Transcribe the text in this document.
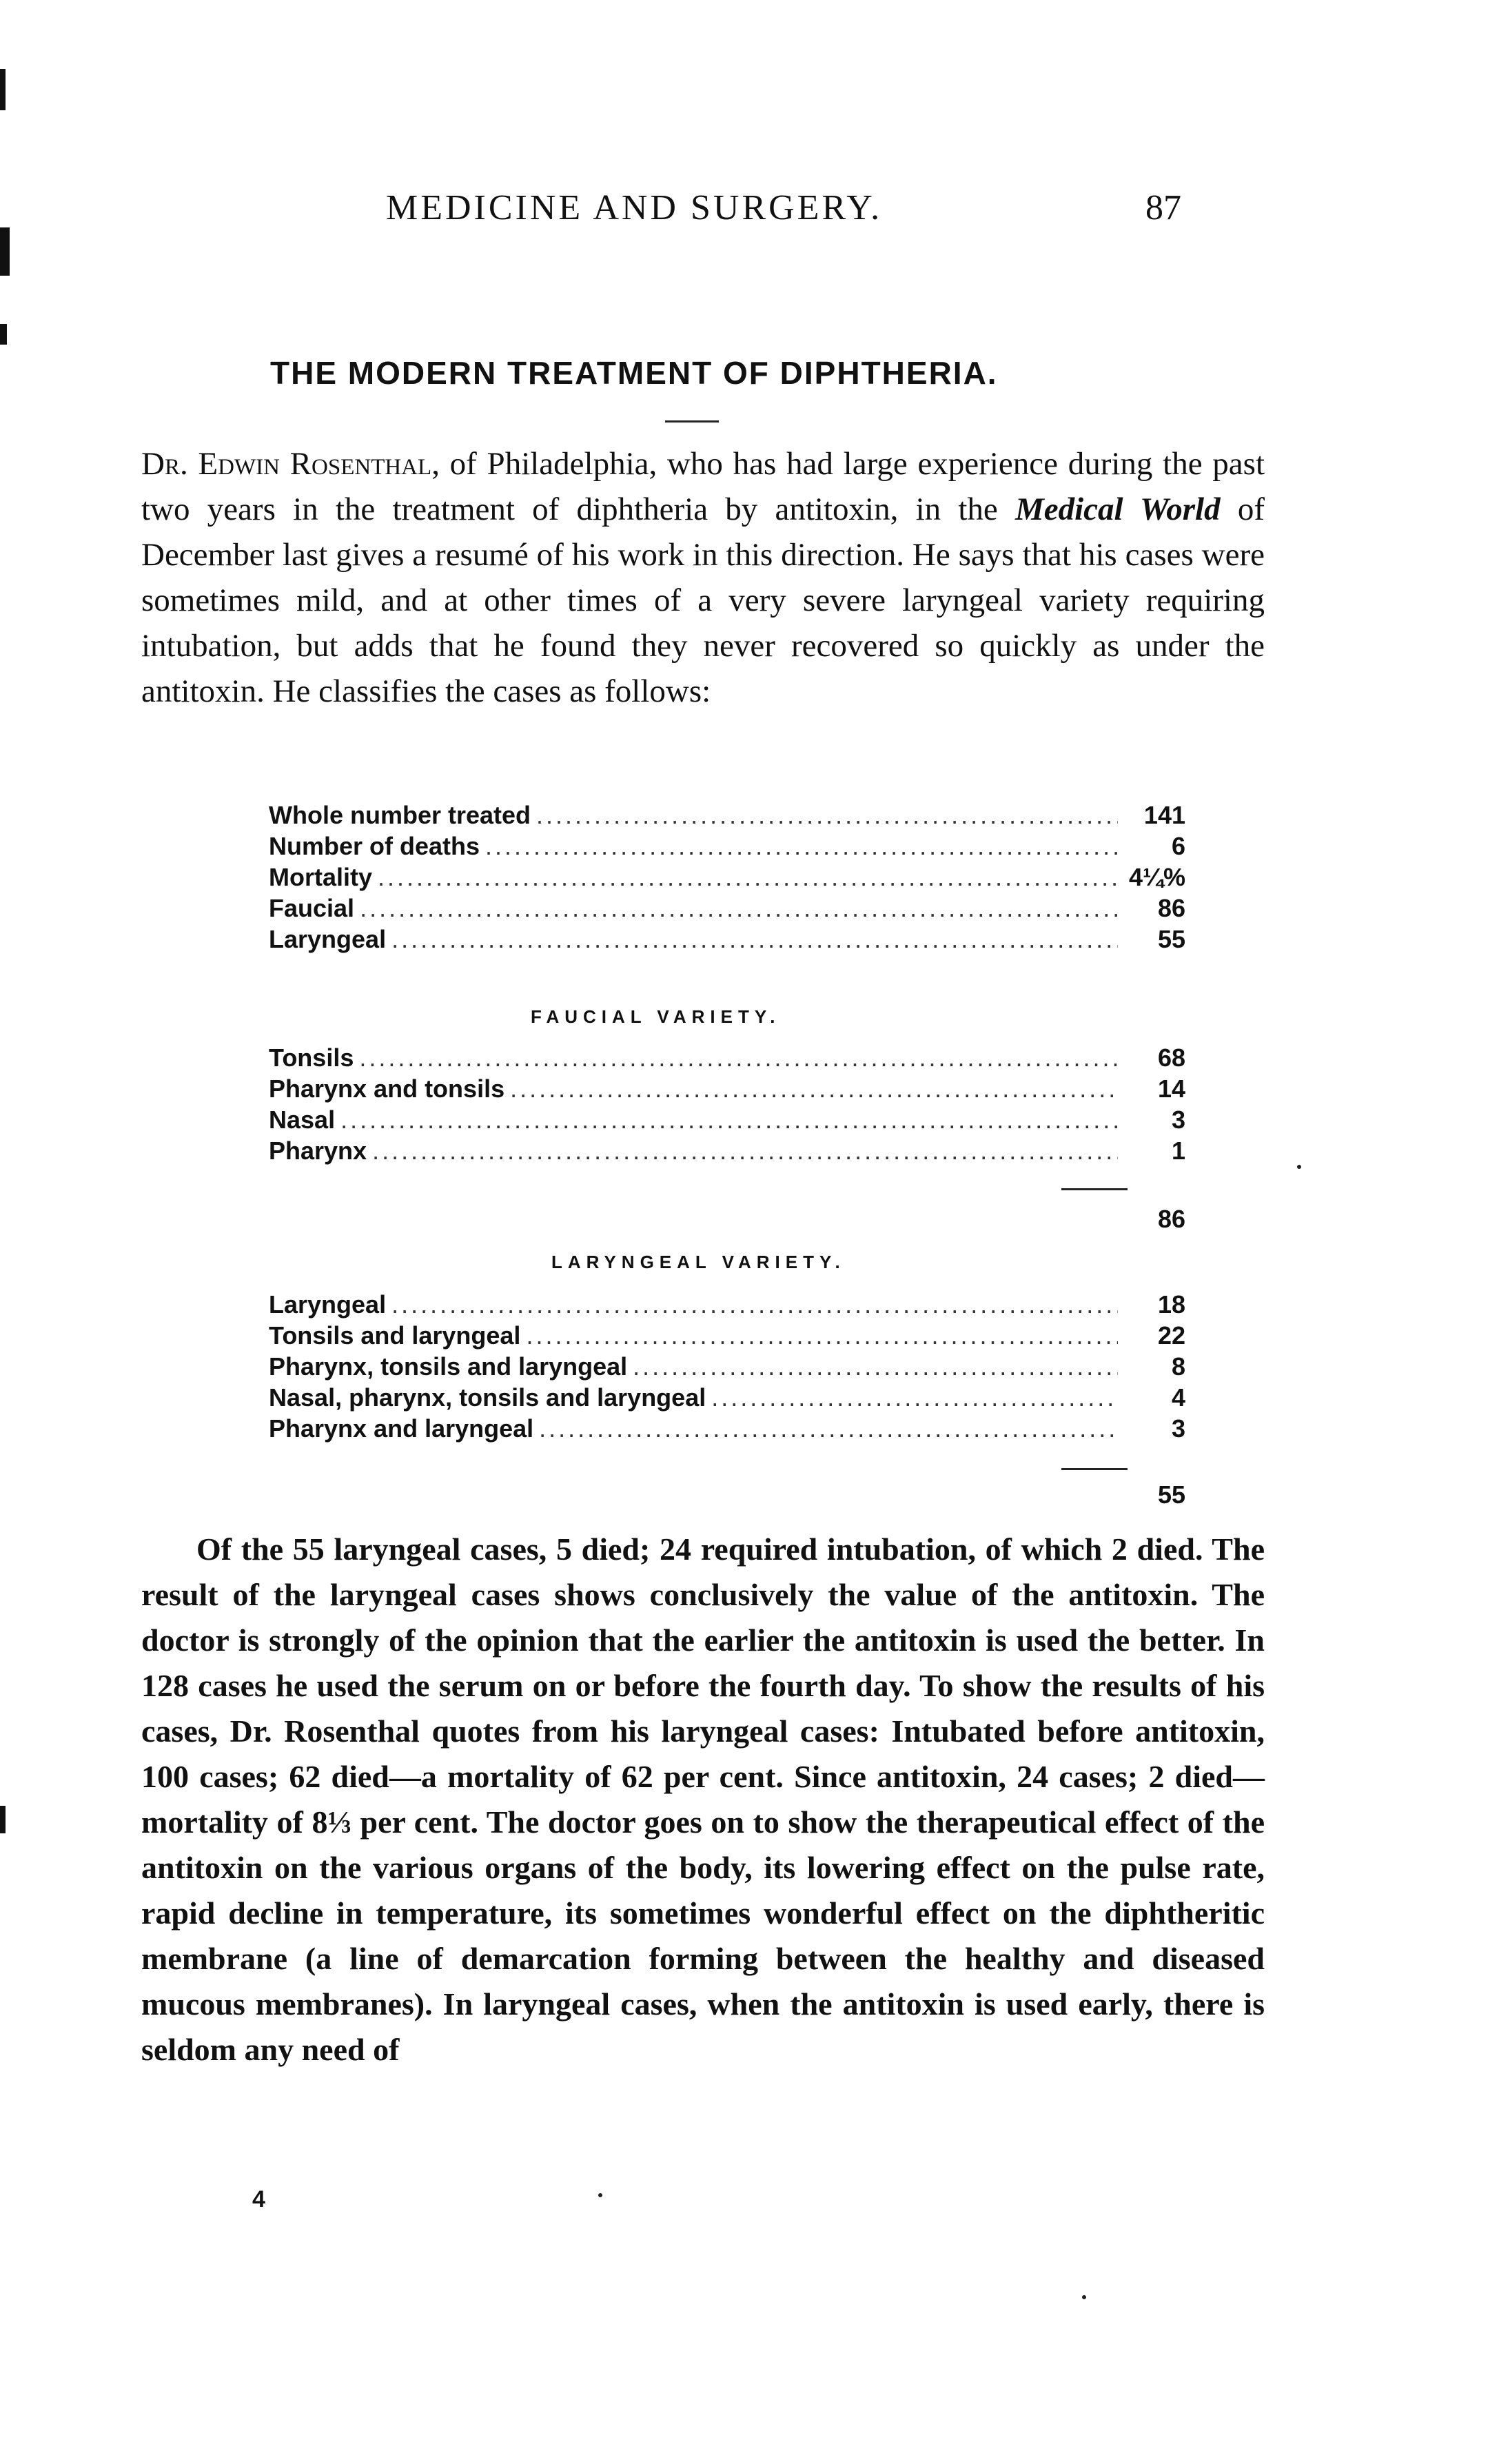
MEDICINE AND SURGERY.	87
THE MODERN TREATMENT OF DIPHTHERIA.
Dr. Edwin Rosenthal, of Philadelphia, who has had large experience during the past two years in the treatment of diphtheria by antitoxin, in the Medical World of December last gives a resumé of his work in this direction. He says that his cases were sometimes mild, and at other times of a very severe laryngeal variety requiring intubation, but adds that he found they never recovered so quickly as under the antitoxin. He classifies the cases as follows:
Whole number treated .....	141
Number of deaths .....	6
Mortality .....	4¼%
Faucial .....	86
Laryngeal .....	55
FAUCIAL VARIETY.
Tonsils .....	68
Pharynx and tonsils .....	14
Nasal .....	3
Pharynx .....	1
86
LARYNGEAL VARIETY.
Laryngeal .....	18
Tonsils and laryngeal .....	22
Pharynx, tonsils and laryngeal .....	8
Nasal, pharynx, tonsils and laryngeal .....	4
Pharynx and laryngeal .....	3
55
Of the 55 laryngeal cases, 5 died; 24 required intubation, of which 2 died. The result of the laryngeal cases shows conclusively the value of the antitoxin. The doctor is strongly of the opinion that the earlier the antitoxin is used the better. In 128 cases he used the serum on or before the fourth day. To show the results of his cases, Dr. Rosenthal quotes from his laryngeal cases: Intubated before antitoxin, 100 cases; 62 died—a mortality of 62 per cent. Since antitoxin, 24 cases; 2 died—mortality of 8⅓ per cent. The doctor goes on to show the therapeutical effect of the antitoxin on the various organs of the body, its lowering effect on the pulse rate, rapid decline in temperature, its sometimes wonderful effect on the diphtheritic membrane (a line of demarcation forming between the healthy and diseased mucous membranes). In laryngeal cases, when the antitoxin is used early, there is seldom any need of
4
